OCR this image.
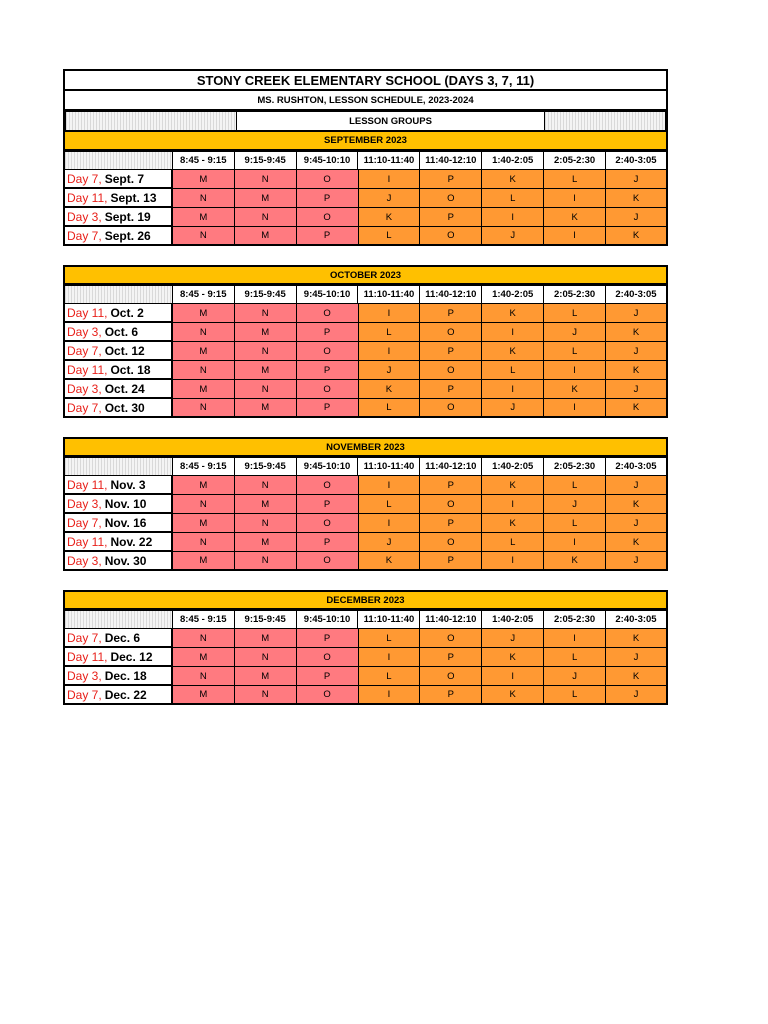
STONY CREEK ELEMENTARY SCHOOL (DAYS 3, 7, 11)
MS. RUSHTON, LESSON SCHEDULE, 2023-2024
LESSON GROUPS
SEPTEMBER 2023
8:45 - 9:15	9:15-9:45	9:45-10:10	11:10-11:40	11:40-12:10	1:40-2:05	2:05-2:30	2:40-3:05
Day 7, Sept. 7	M	N	O	I	P	K	L	J
Day 11, Sept. 13	N	M	P	J	O	L	I	K
Day 3, Sept. 19	M	N	O	K	P	I	K	J
Day 7, Sept. 26	N	M	P	L	O	J	I	K
OCTOBER 2023
8:45 - 9:15	9:15-9:45	9:45-10:10	11:10-11:40	11:40-12:10	1:40-2:05	2:05-2:30	2:40-3:05
Day 11, Oct. 2	M	N	O	I	P	K	L	J
Day 3, Oct. 6	N	M	P	L	O	I	J	K
Day 7, Oct. 12	M	N	O	I	P	K	L	J
Day 11, Oct. 18	N	M	P	J	O	L	I	K
Day 3, Oct. 24	M	N	O	K	P	I	K	J
Day 7, Oct. 30	N	M	P	L	O	J	I	K
NOVEMBER 2023
8:45 - 9:15	9:15-9:45	9:45-10:10	11:10-11:40	11:40-12:10	1:40-2:05	2:05-2:30	2:40-3:05
Day 11, Nov. 3	M	N	O	I	P	K	L	J
Day 3, Nov. 10	N	M	P	L	O	I	J	K
Day 7, Nov. 16	M	N	O	I	P	K	L	J
Day 11, Nov. 22	N	M	P	J	O	L	I	K
Day 3, Nov. 30	M	N	O	K	P	I	K	J
DECEMBER 2023
8:45 - 9:15	9:15-9:45	9:45-10:10	11:10-11:40	11:40-12:10	1:40-2:05	2:05-2:30	2:40-3:05
Day 7, Dec. 6	N	M	P	L	O	J	I	K
Day 11, Dec. 12	M	N	O	I	P	K	L	J
Day 3, Dec. 18	N	M	P	L	O	I	J	K
Day 7, Dec. 22	M	N	O	I	P	K	L	J
